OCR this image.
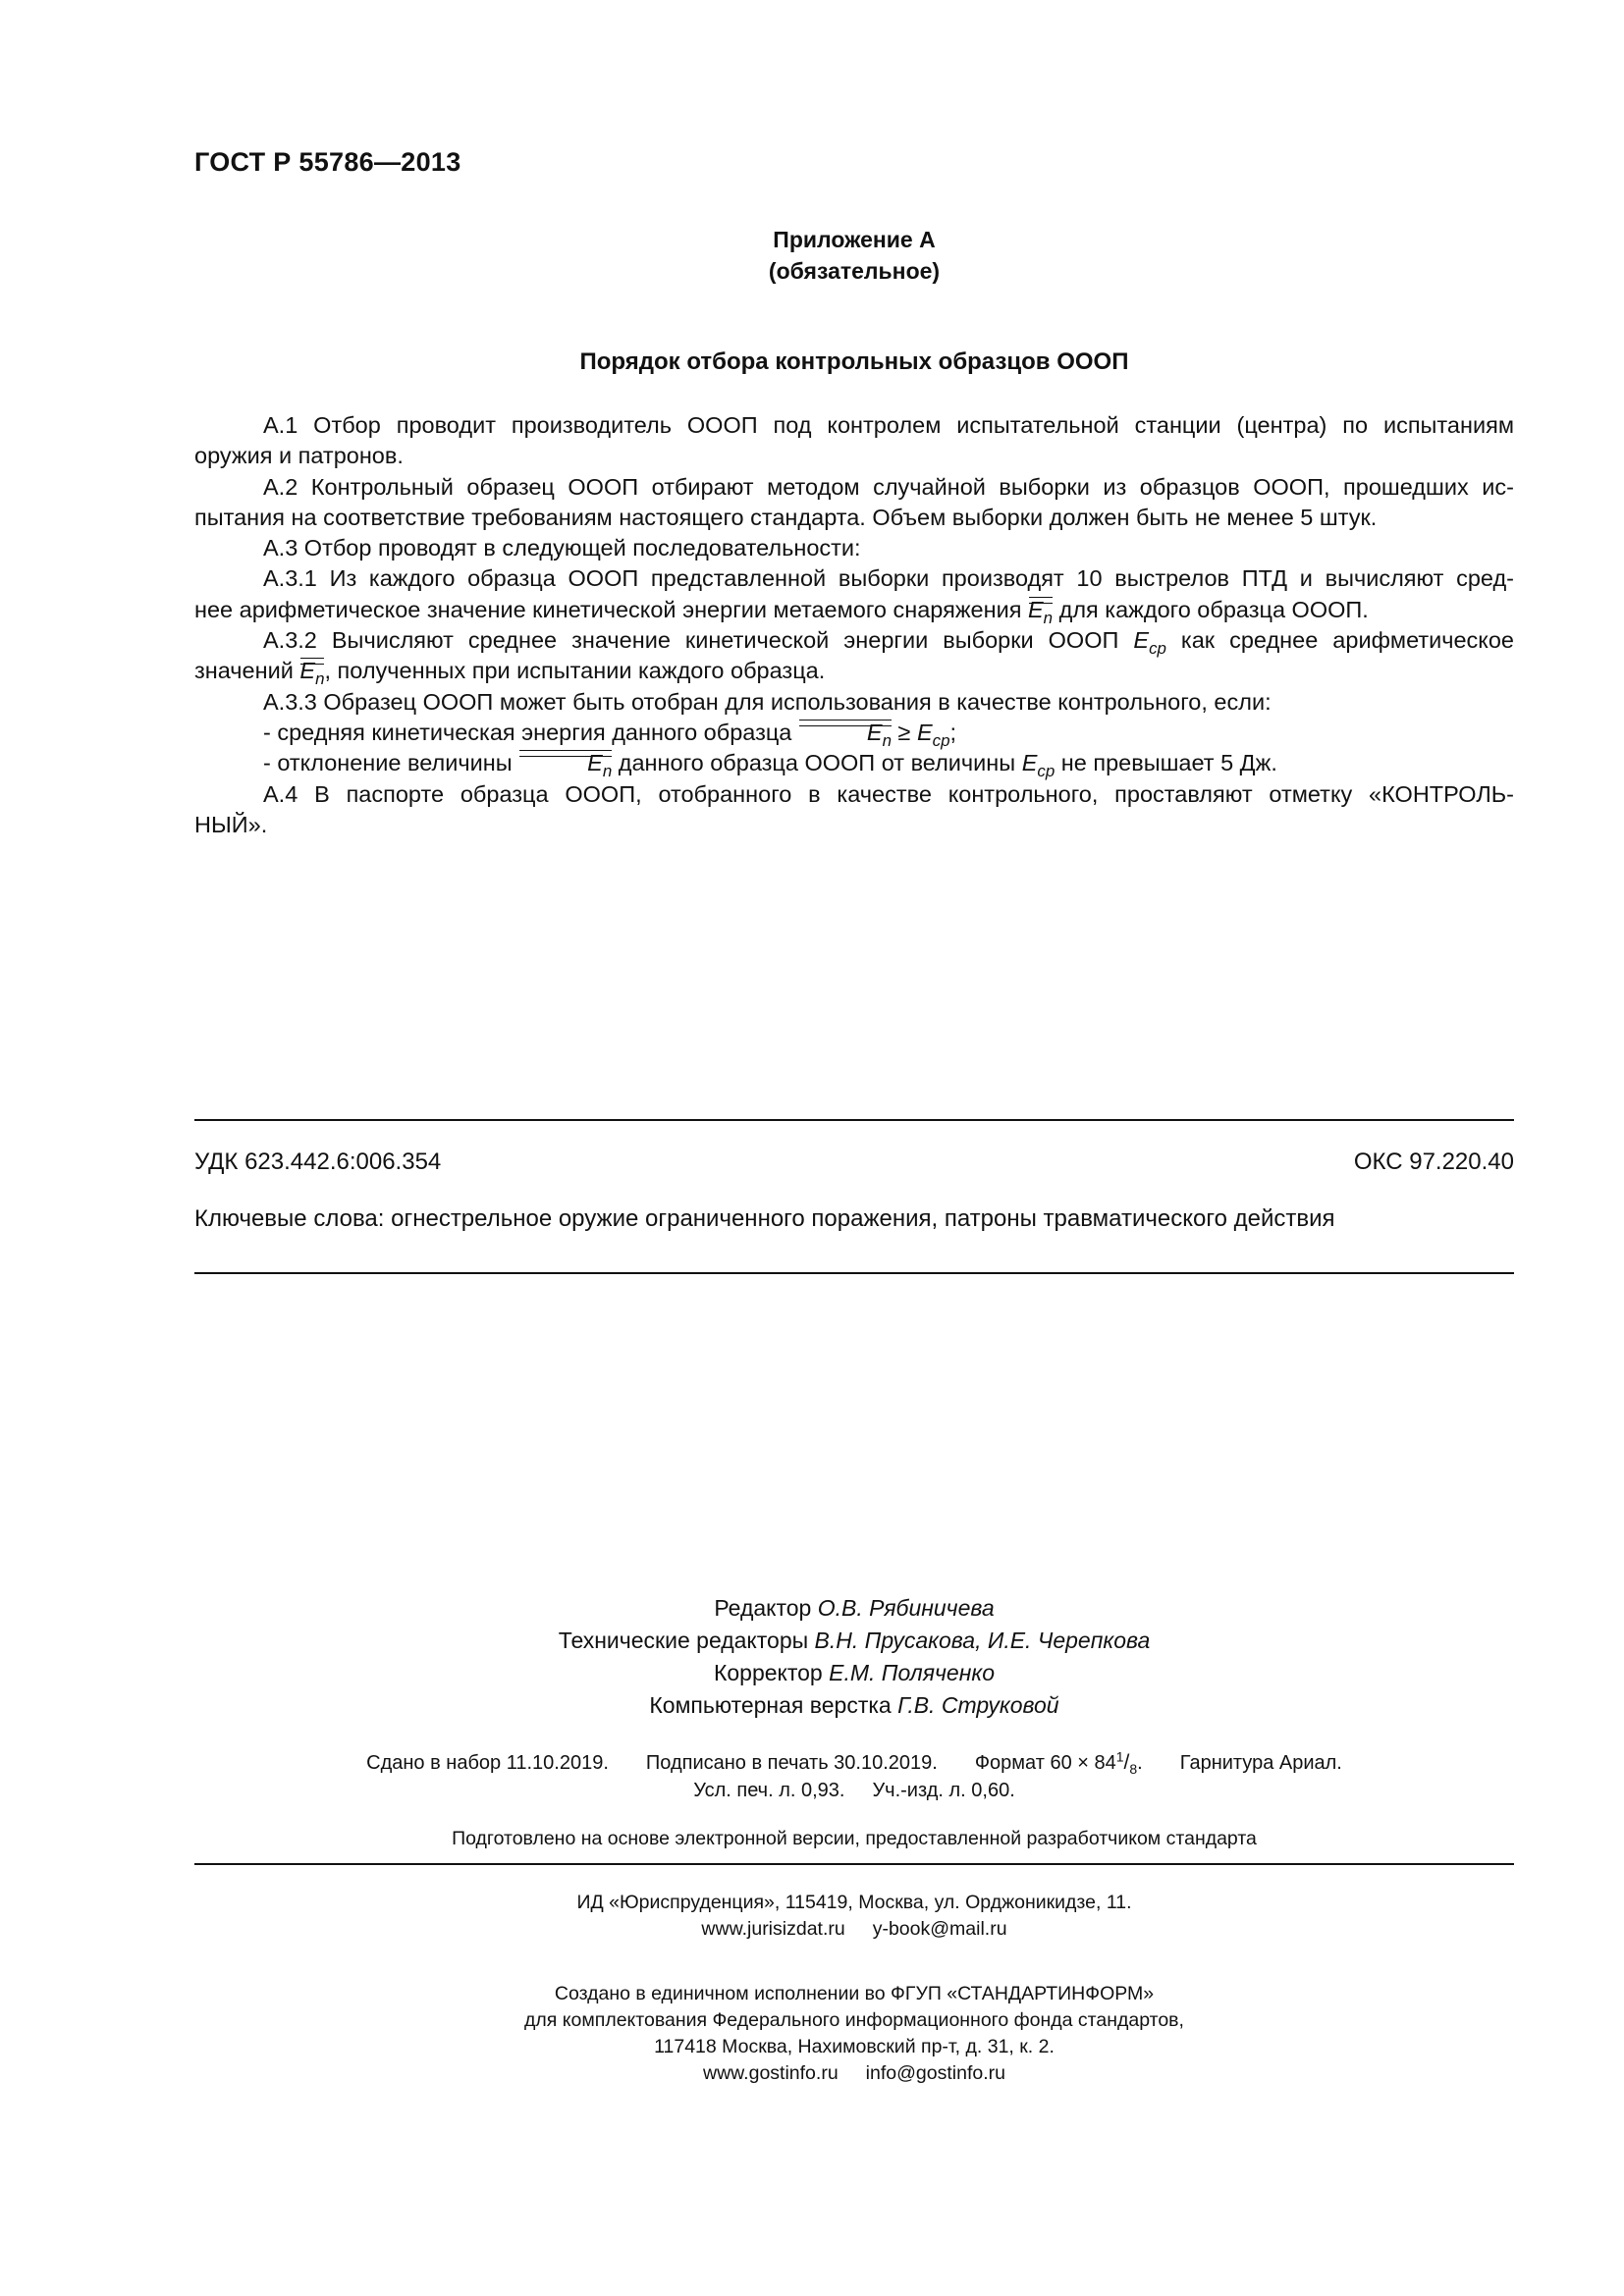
ГОСТ Р 55786—2013
Приложение А
(обязательное)
Порядок отбора контрольных образцов ОООП
А.1 Отбор проводит производитель ОООП под контролем испытательной станции (центра) по испытаниям
оружия и патронов.
А.2 Контрольный образец ОООП отбирают методом случайной выборки из образцов ОООП, прошедших ис-
пытания на соответствие требованиям настоящего стандарта. Объем выборки должен быть не менее 5 штук.
А.3 Отбор проводят в следующей последовательности:
А.3.1 Из каждого образца ОООП представленной выборки производят 10 выстрелов ПТД и вычисляют сред-
нее арифметическое значение кинетической энергии метаемого снаряжения
$E_n$ для каждого образца ОООП.
А.3.2 Вычисляют среднее значение кинетической энергии выборки ОООП $E_{ср}$ как среднее арифметическое
значений
$E_n$, полученных при испытании каждого образца.
А.3.3 Образец ОООП может быть отобран для использования в качестве контрольного, если:
- средняя кинетическая энергия данного образца	$E_n \ge E_{ср}$;
- отклонение величины	$E_n$ данного образца ОООП от величины $E_{ср}$ не превышает 5 Дж.
А.4 В паспорте образца ОООП, отобранного в качестве контрольного, проставляют отметку «КОНТРОЛЬ-
НЫЙ».
УДК 623.442.6:006.354	ОКС 97.220.40
Ключевые слова: огнестрельное оружие ограниченного поражения, патроны травматического действия
Редактор О.В. Рябиничева
Технические редакторы В.Н. Прусакова, И.Е. Черепкова
Корректор Е.М. Поляченко
Компьютерная верстка Г.В. Струковой
Сдано в набор 11.10.2019. Подписано в печать 30.10.2019. Формат $60 \times 84^1/_8$. Гарнитура Ариал.
Усл. печ. л. 0,93. Уч.-изд. л. 0,60.
Подготовлено на основе электронной версии, предоставленной разработчиком стандарта
ИД «Юриспруденция», 115419, Москва, ул. Орджоникидзе, 11.
www.jurisizdat.ru y-book@mail.ru
Создано в единичном исполнении во ФГУП «СТАНДАРТИНФОРМ»
для комплектования Федерального информационного фонда стандартов,
117418 Москва, Нахимовский пр-т, д. 31, к. 2.
www.gostinfo.ru info@gostinfo.ru
